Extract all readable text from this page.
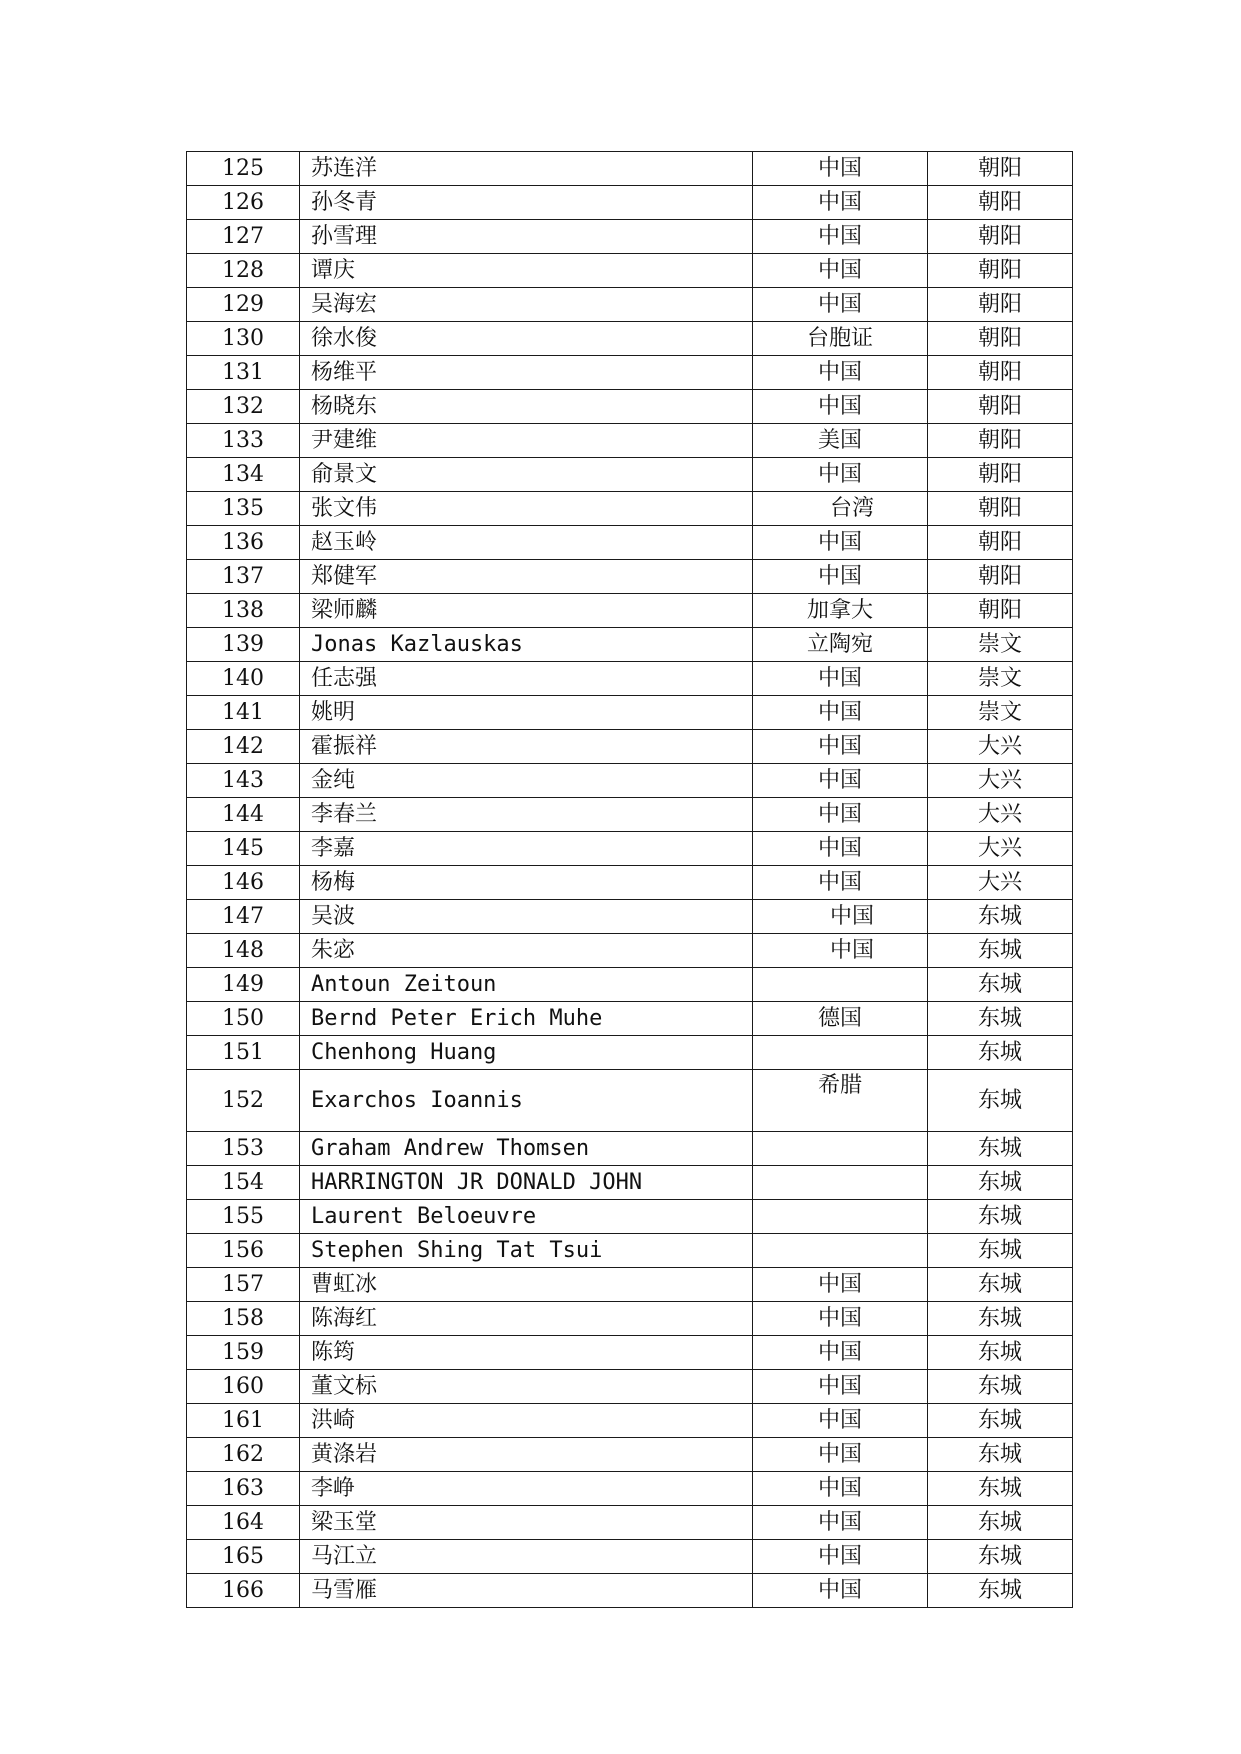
125	苏连洋	中国	朝阳
126	孙冬青	中国	朝阳
127	孙雪理	中国	朝阳
128	谭庆	中国	朝阳
129	吴海宏	中国	朝阳
130	徐水俊	台胞证	朝阳
131	杨维平	中国	朝阳
132	杨晓东	中国	朝阳
133	尹建维	美国	朝阳
134	俞景文	中国	朝阳
135	张文伟	台湾	朝阳
136	赵玉岭	中国	朝阳
137	郑健军	中国	朝阳
138	梁师麟	加拿大	朝阳
139	Jonas Kazlauskas	立陶宛	崇文
140	任志强	中国	崇文
141	姚明	中国	崇文
142	霍振祥	中国	大兴
143	金纯	中国	大兴
144	李春兰	中国	大兴
145	李嘉	中国	大兴
146	杨梅	中国	大兴
147	吴波	中国	东城
148	朱宓	中国	东城
149	Antoun Zeitoun		东城
150	Bernd Peter Erich Muhe	德国	东城
151	Chenhong Huang		东城
152	Exarchos Ioannis	希腊	东城
153	Graham Andrew Thomsen		东城
154	HARRINGTON JR DONALD JOHN		东城
155	Laurent Beloeuvre		东城
156	Stephen Shing Tat Tsui		东城
157	曹虹冰	中国	东城
158	陈海红	中国	东城
159	陈筠	中国	东城
160	董文标	中国	东城
161	洪崎	中国	东城
162	黄涤岩	中国	东城
163	李峥	中国	东城
164	梁玉堂	中国	东城
165	马江立	中国	东城
166	马雪雁	中国	东城
